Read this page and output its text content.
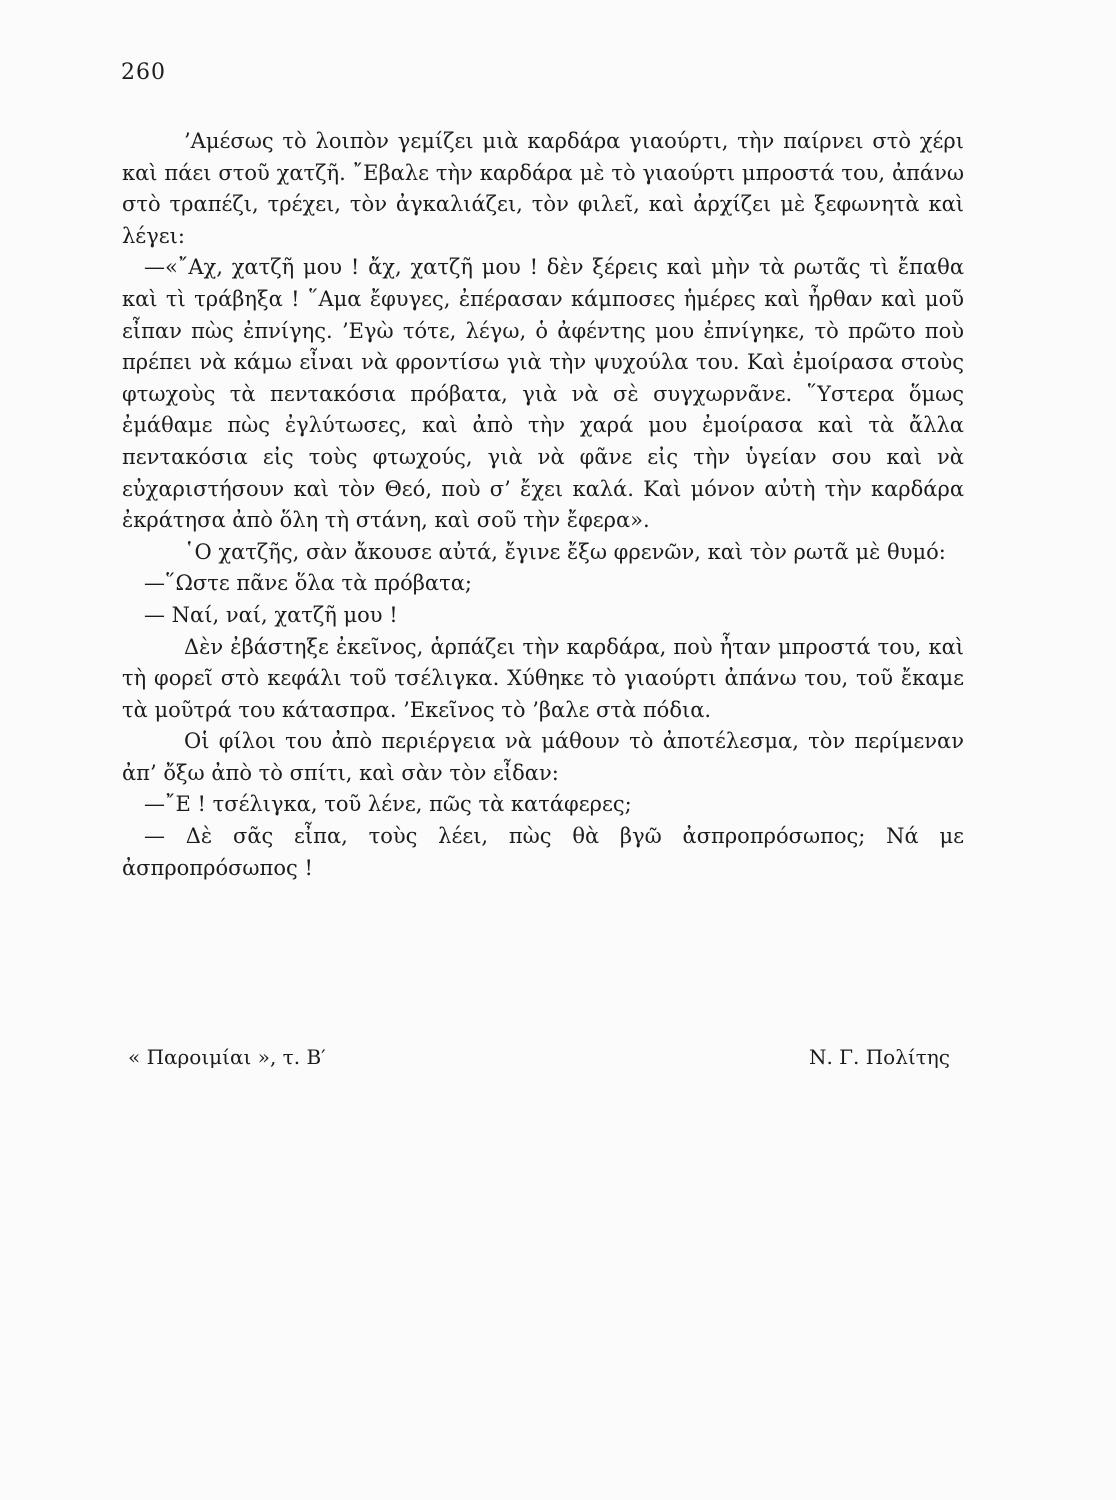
260

’Αμέσως τὸ λοιπὸν γεμίζει μιὰ καρδάρα γιαούρτι, τὴν παίρνει στὸ χέρι καὶ πάει στοῦ χατζῆ. ῎Εβαλε τὴν καρδάρα μὲ τὸ γιαούρτι μπροστά του, ἀπάνω στὸ τραπέζι, τρέχει, τὸν ἀγκαλιάζει, τὸν φιλεῖ, καὶ ἀρχίζει μὲ ξεφωνητὰ καὶ λέγει:

—«῎Αχ, χατζῆ μου ! ἄχ, χατζῆ μου ! δὲν ξέρεις καὶ μὴν τὰ ρωτᾶς τὶ ἔπαθα καὶ τὶ τράβηξα ! ῞Αμα ἔφυγες, ἐπέρασαν κάμποσες ἡμέρες καὶ ἦρθαν καὶ μοῦ εἶπαν πὼς ἐπνίγης. ’Εγὼ τότε, λέγω, ὁ ἀφέντης μου ἐπνίγηκε, τὸ πρῶτο ποὺ πρέπει νὰ κάμω εἶναι νὰ φροντίσω γιὰ τὴν ψυχούλα του. Καὶ ἐμοίρασα στοὺς φτωχοὺς τὰ πεντακόσια πρόβατα, γιὰ νὰ σὲ συγχωρνᾶνε. ῞Υστερα ὅμως ἐμάθαμε πὼς ἐγλύτωσες, καὶ ἀπὸ τὴν χαρά μου ἐμοίρασα καὶ τὰ ἄλλα πεντακόσια εἰς τοὺς φτωχούς, γιὰ νὰ φᾶνε εἰς τὴν ὑγείαν σου καὶ νὰ εὐχαριστήσουν καὶ τὸν Θεό, ποὺ σ’ ἔχει καλά. Καὶ μόνον αὐτὴ τὴν καρδάρα ἐκράτησα ἀπὸ ὅλη τὴ στάνη, καὶ σοῦ τὴν ἔφερα».

῾Ο χατζῆς, σὰν ἄκουσε αὐτά, ἔγινε ἔξω φρενῶν, καὶ τὸν ρωτᾶ μὲ θυμό:

—῞Ωστε πᾶνε ὅλα τὰ πρόβατα;

— Ναί, ναί, χατζῆ μου !

Δὲν ἐβάστηξε ἐκεῖνος, ἁρπάζει τὴν καρδάρα, ποὺ ἦταν μπροστά του, καὶ τὴ φορεῖ στὸ κεφάλι τοῦ τσέλιγκα. Χύθηκε τὸ γιαούρτι ἀπάνω του, τοῦ ἔκαμε τὰ μοῦτρά του κάτασπρα. ’Εκεῖνος τὸ ’βαλε στὰ πόδια.

Οἱ φίλοι του ἀπὸ περιέργεια νὰ μάθουν τὸ ἀποτέλεσμα, τὸν περίμεναν ἀπ’ ὄξω ἀπὸ τὸ σπίτι, καὶ σὰν τὸν εἶδαν:

—῎Ε ! τσέλιγκα, τοῦ λένε, πῶς τὰ κατάφερες;

— Δὲ σᾶς εἶπα, τοὺς λέει, πὼς θὰ βγῶ ἀσπροπρόσωπος; Νά με ἀσπροπρόσωπος !

« Παροιμίαι », τ. Β′	Ν. Γ. Πολίτης
